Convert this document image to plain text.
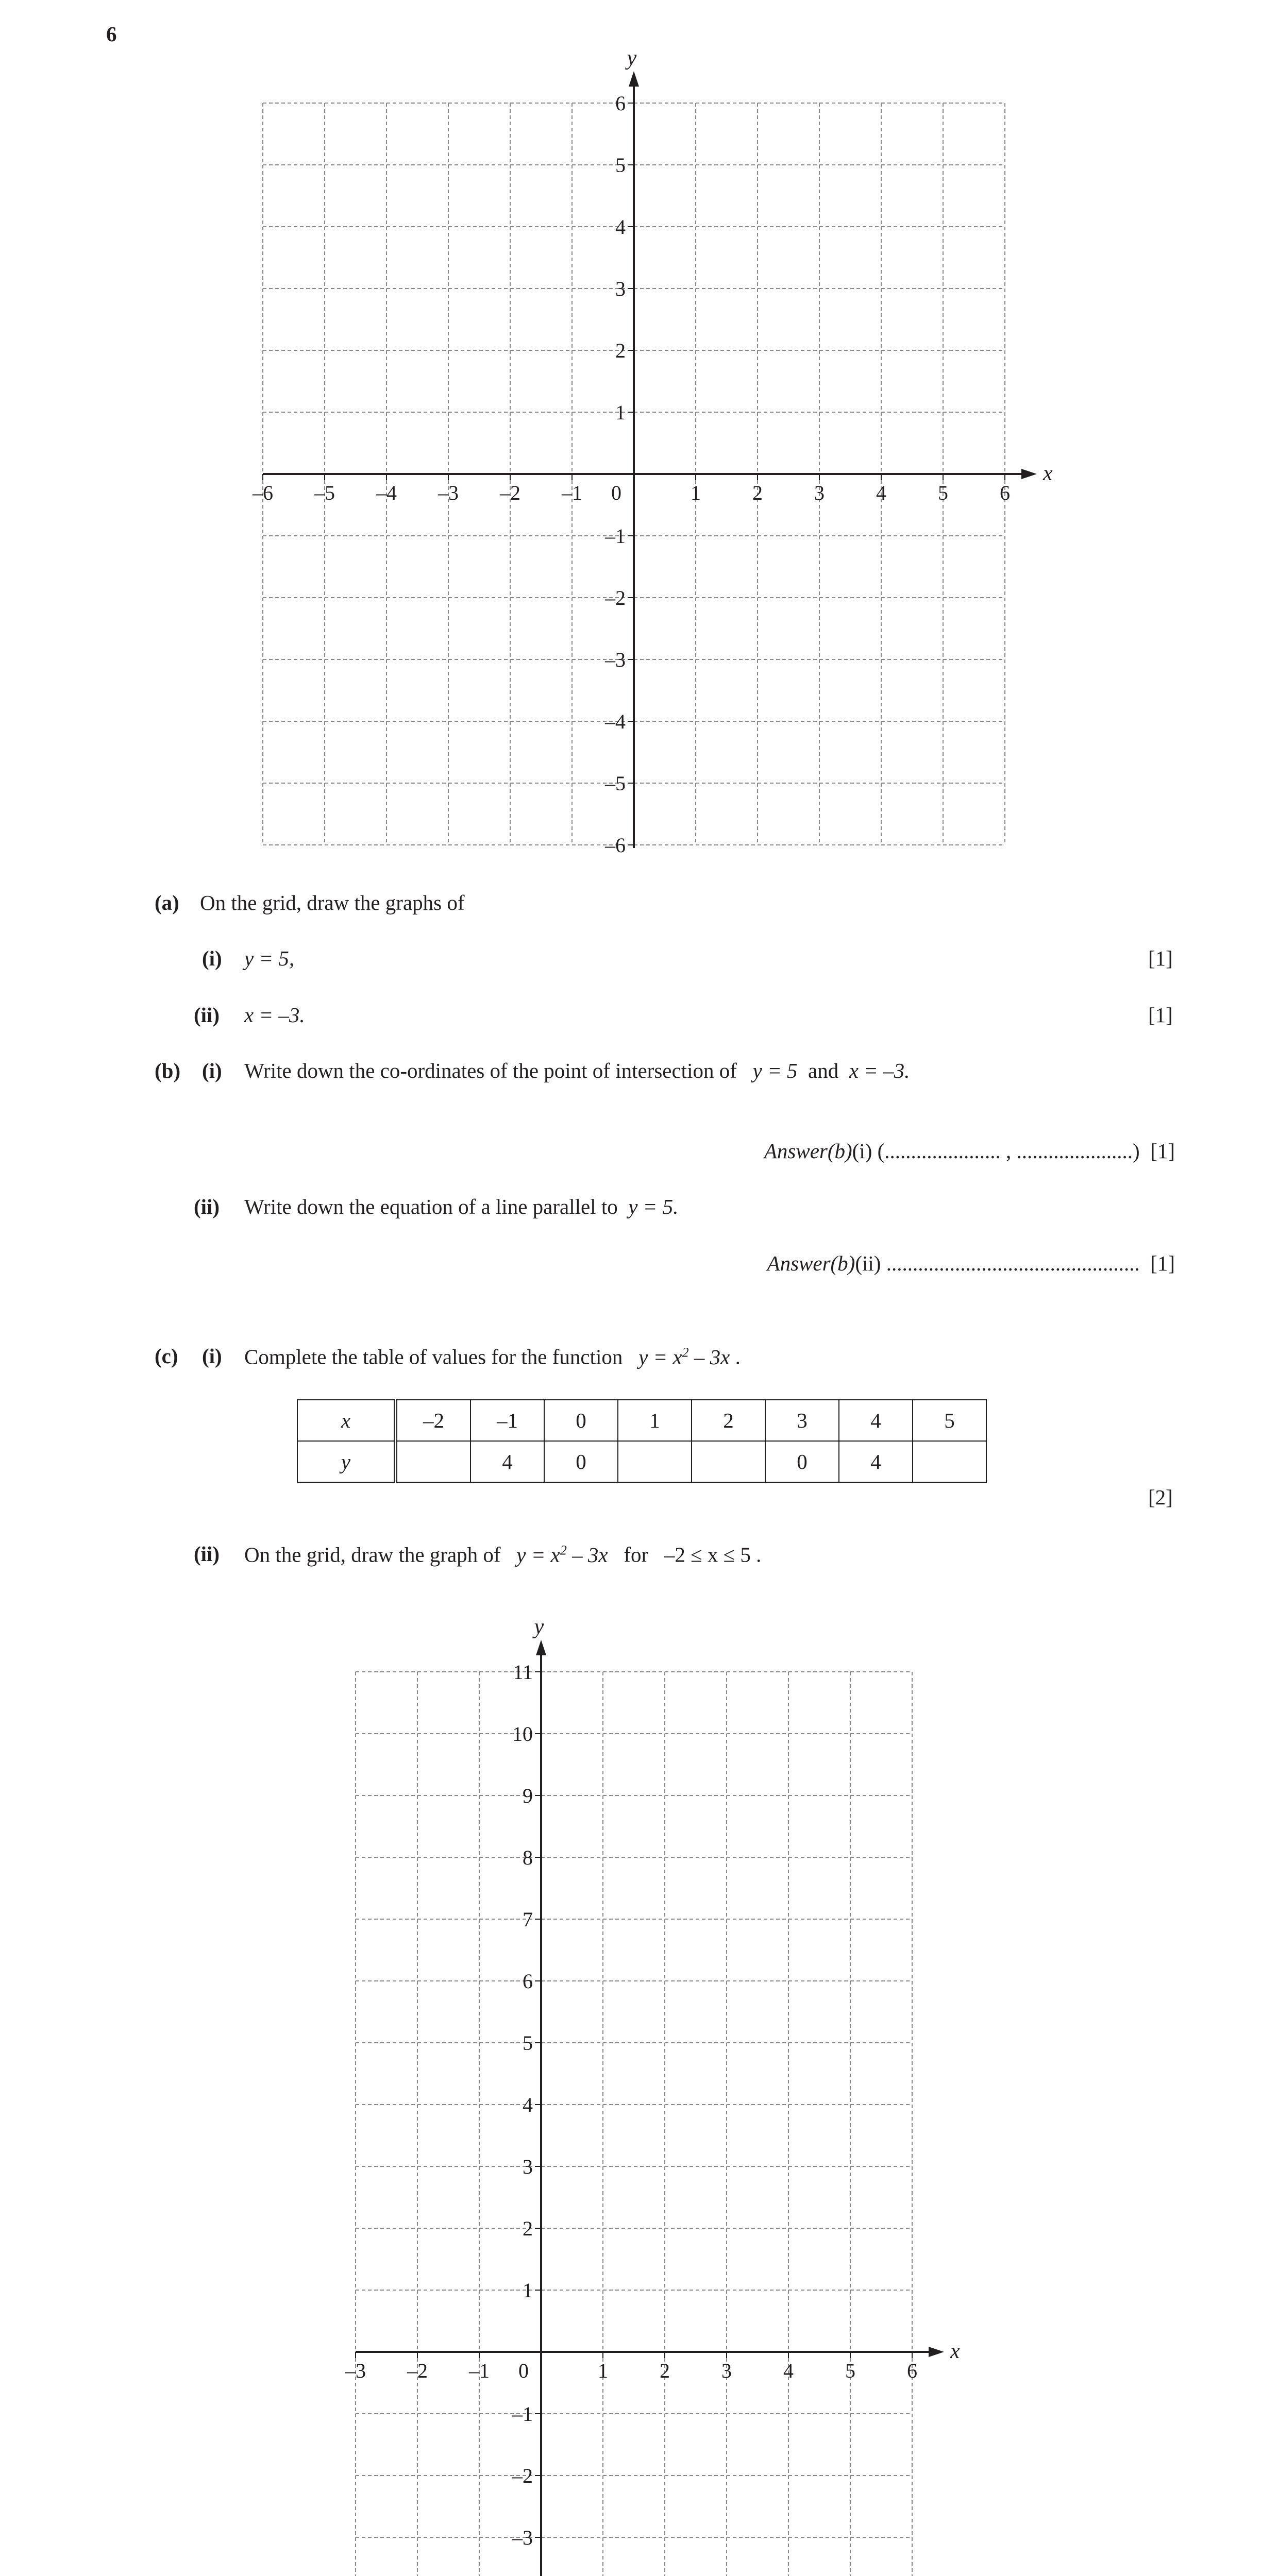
6
–6 –5 –4 –3 –2 –1	1	2	3	4	5	6
6
5
4
3
2
1
–1
–2
–3
–4
–5
–6
0
x
y
(a) On the grid, draw the graphs of
(i) y = 5,	[1]
(ii) x = –3.	[1]
(b) (i) Write down the co-ordinates of the point of intersection of y = 5 and x = –3.
Answer(b)(i) (...................... , ......................) [1]
(ii) Write down the equation of a line parallel to y = 5.
Answer(b)(ii) ................................................ [1]
(c) (i) Complete the table of values for the function $y = x^2 - 3x$ .
x	–2	–1	0	1	2	3	4	5
y		4	0			0	4	
[2]
(ii) On the grid, draw the graph of $y = x^2 - 3x$ for –2 ≤ x ≤ 5 .
–3 –2 –1	1	2	3	4	5	6
11
10
9
8
7
6
5
4
3
2
1
–1
–2
–3
0
x
y
